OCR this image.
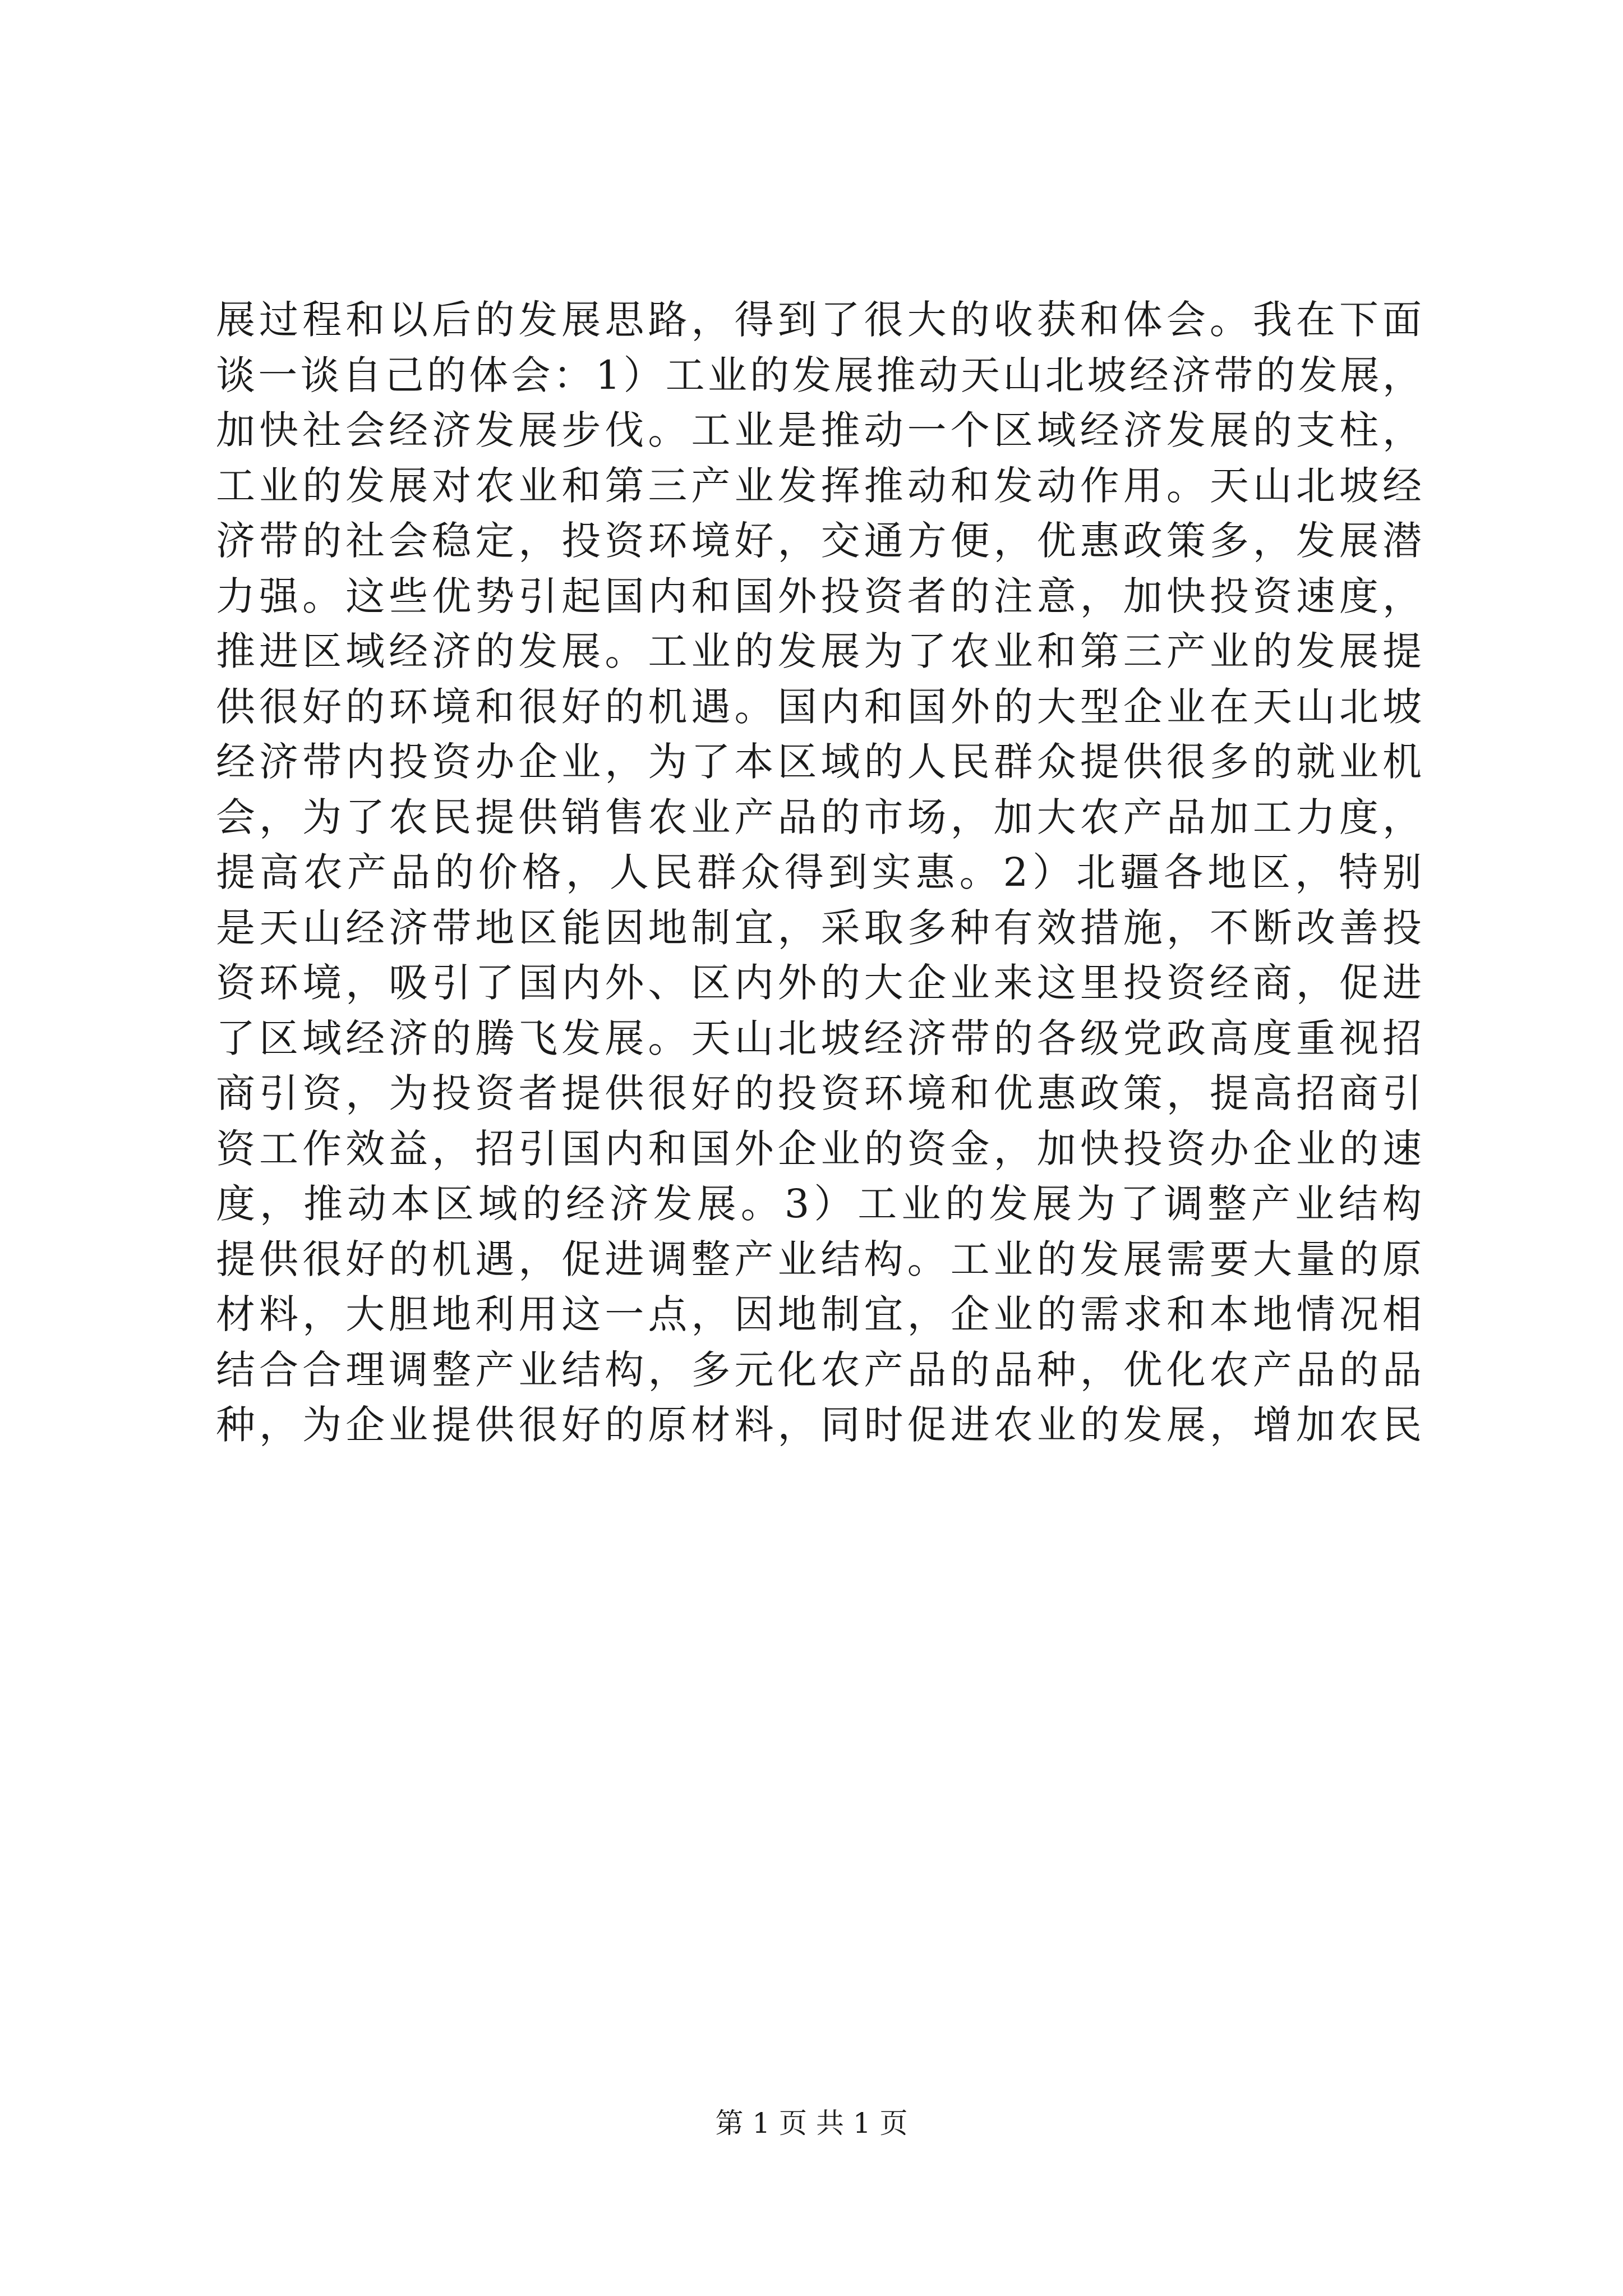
展过程和以后的发展思路，得到了很大的收获和体会。我在下面
谈一谈自己的体会：1）工业的发展推动天山北坡经济带的发展，
加快社会经济发展步伐。工业是推动一个区域经济发展的支柱，
工业的发展对农业和第三产业发挥推动和发动作用。天山北坡经
济带的社会稳定，投资环境好，交通方便，优惠政策多，发展潜
力强。这些优势引起国内和国外投资者的注意，加快投资速度，
推进区域经济的发展。工业的发展为了农业和第三产业的发展提
供很好的环境和很好的机遇。国内和国外的大型企业在天山北坡
经济带内投资办企业，为了本区域的人民群众提供很多的就业机
会，为了农民提供销售农业产品的市场，加大农产品加工力度，
提高农产品的价格，人民群众得到实惠。2）北疆各地区，特别
是天山经济带地区能因地制宜，采取多种有效措施，不断改善投
资环境，吸引了国内外、区内外的大企业来这里投资经商，促进
了区域经济的腾飞发展。天山北坡经济带的各级党政高度重视招
商引资，为投资者提供很好的投资环境和优惠政策，提高招商引
资工作效益，招引国内和国外企业的资金，加快投资办企业的速
度，推动本区域的经济发展。3）工业的发展为了调整产业结构
提供很好的机遇，促进调整产业结构。工业的发展需要大量的原
材料，大胆地利用这一点，因地制宜，企业的需求和本地情况相
结合合理调整产业结构，多元化农产品的品种，优化农产品的品
种，为企业提供很好的原材料，同时促进农业的发展，增加农民
第 1 页 共 1 页
